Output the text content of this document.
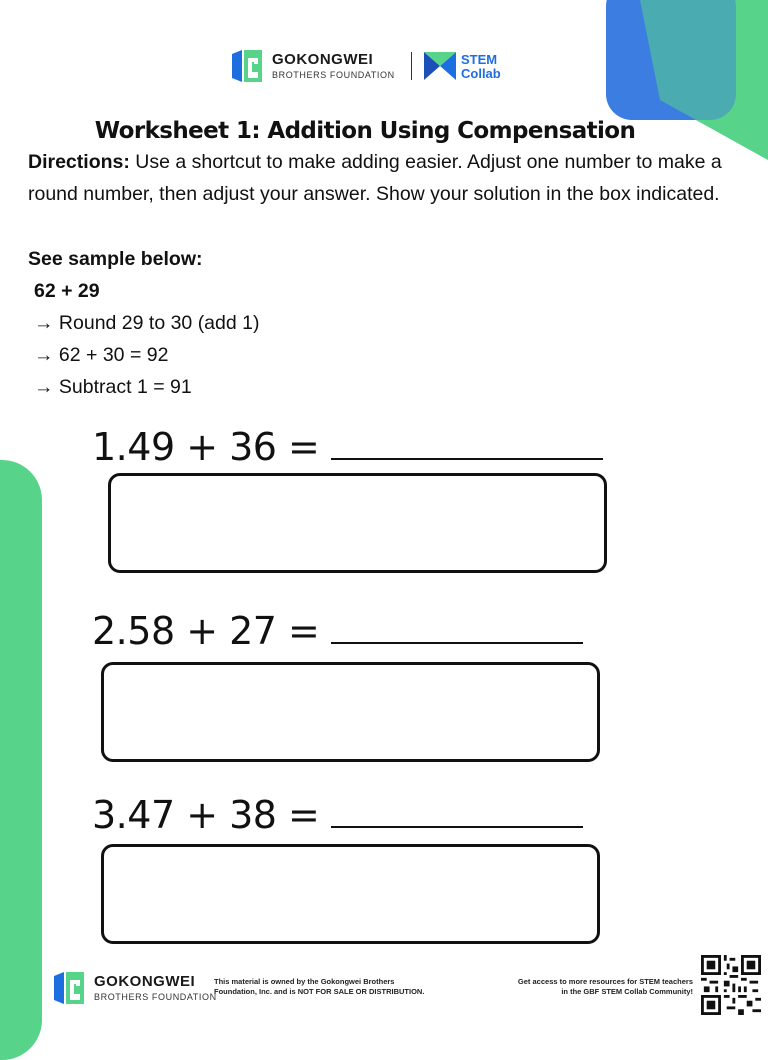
GOKONGWEI
BROTHERS FOUNDATION
STEM
Collab
Worksheet 1: Addition Using Compensation
Directions: Use a shortcut to make adding easier. Adjust one number to make a round number, then adjust your answer. Show your solution in the box indicated.
See sample below:
62 + 29
→ Round 29 to 30 (add 1)
→ 62 + 30 = 92
→ Subtract 1 = 91
1.49 + 36 =
2.58 + 27 =
3.47 + 38 =
GOKONGWEI
BROTHERS FOUNDATION
This material is owned by the Gokongwei Brothers
Foundation, Inc. and is NOT FOR SALE OR DISTRIBUTION.
Get access to more resources for STEM teachers
in the GBF STEM Collab Community!
